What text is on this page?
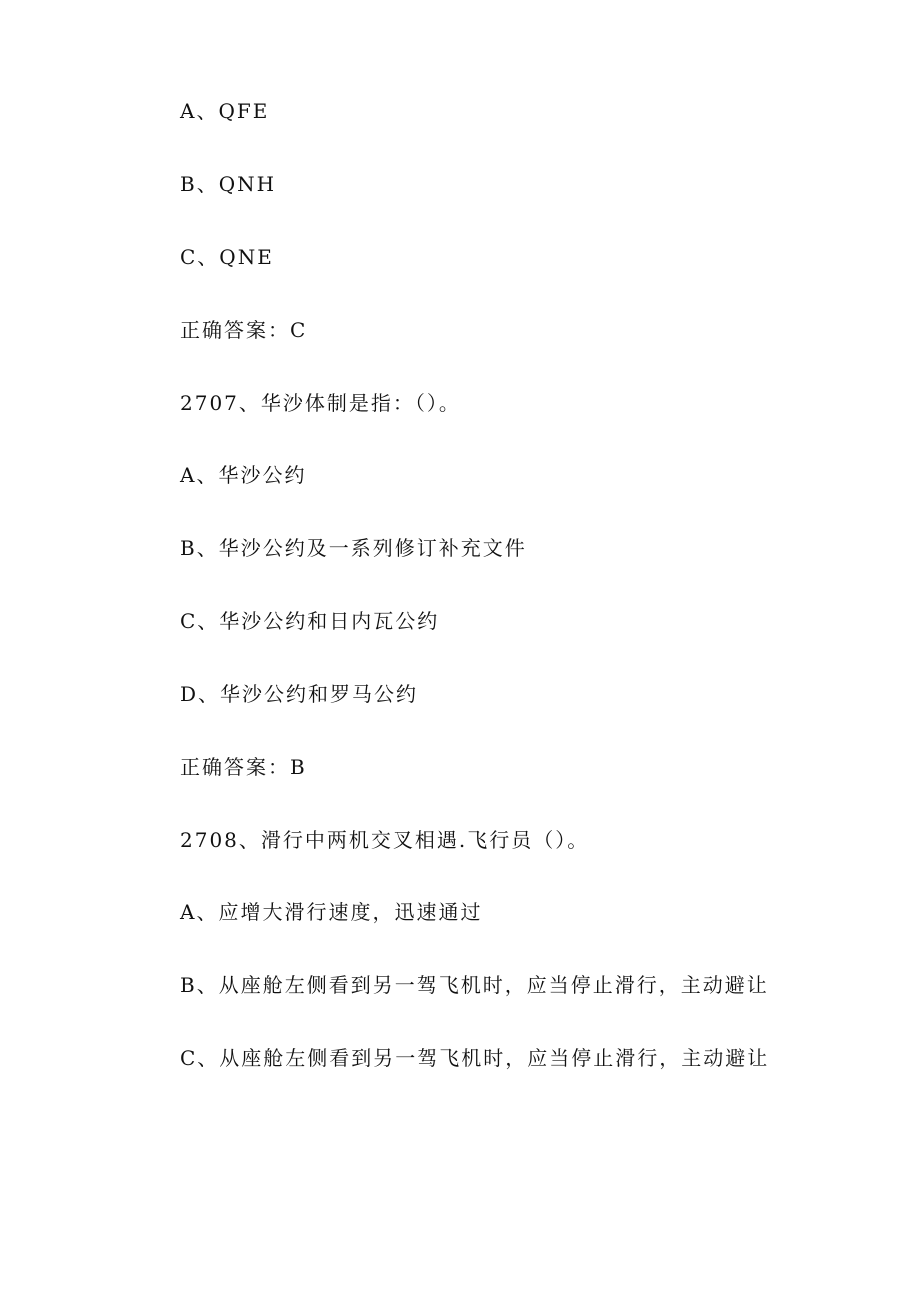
A、QFE
B、QNH
C、QNE
正确答案：C
2707、华沙体制是指：（）。
A、华沙公约
B、华沙公约及一系列修订补充文件
C、华沙公约和日内瓦公约
D、华沙公约和罗马公约
正确答案：B
2708、滑行中两机交叉相遇.飞行员（）。
A、应增大滑行速度，迅速通过
B、从座舱左侧看到另一驾飞机时，应当停止滑行，主动避让
C、从座舱左侧看到另一驾飞机时，应当停止滑行，主动避让
